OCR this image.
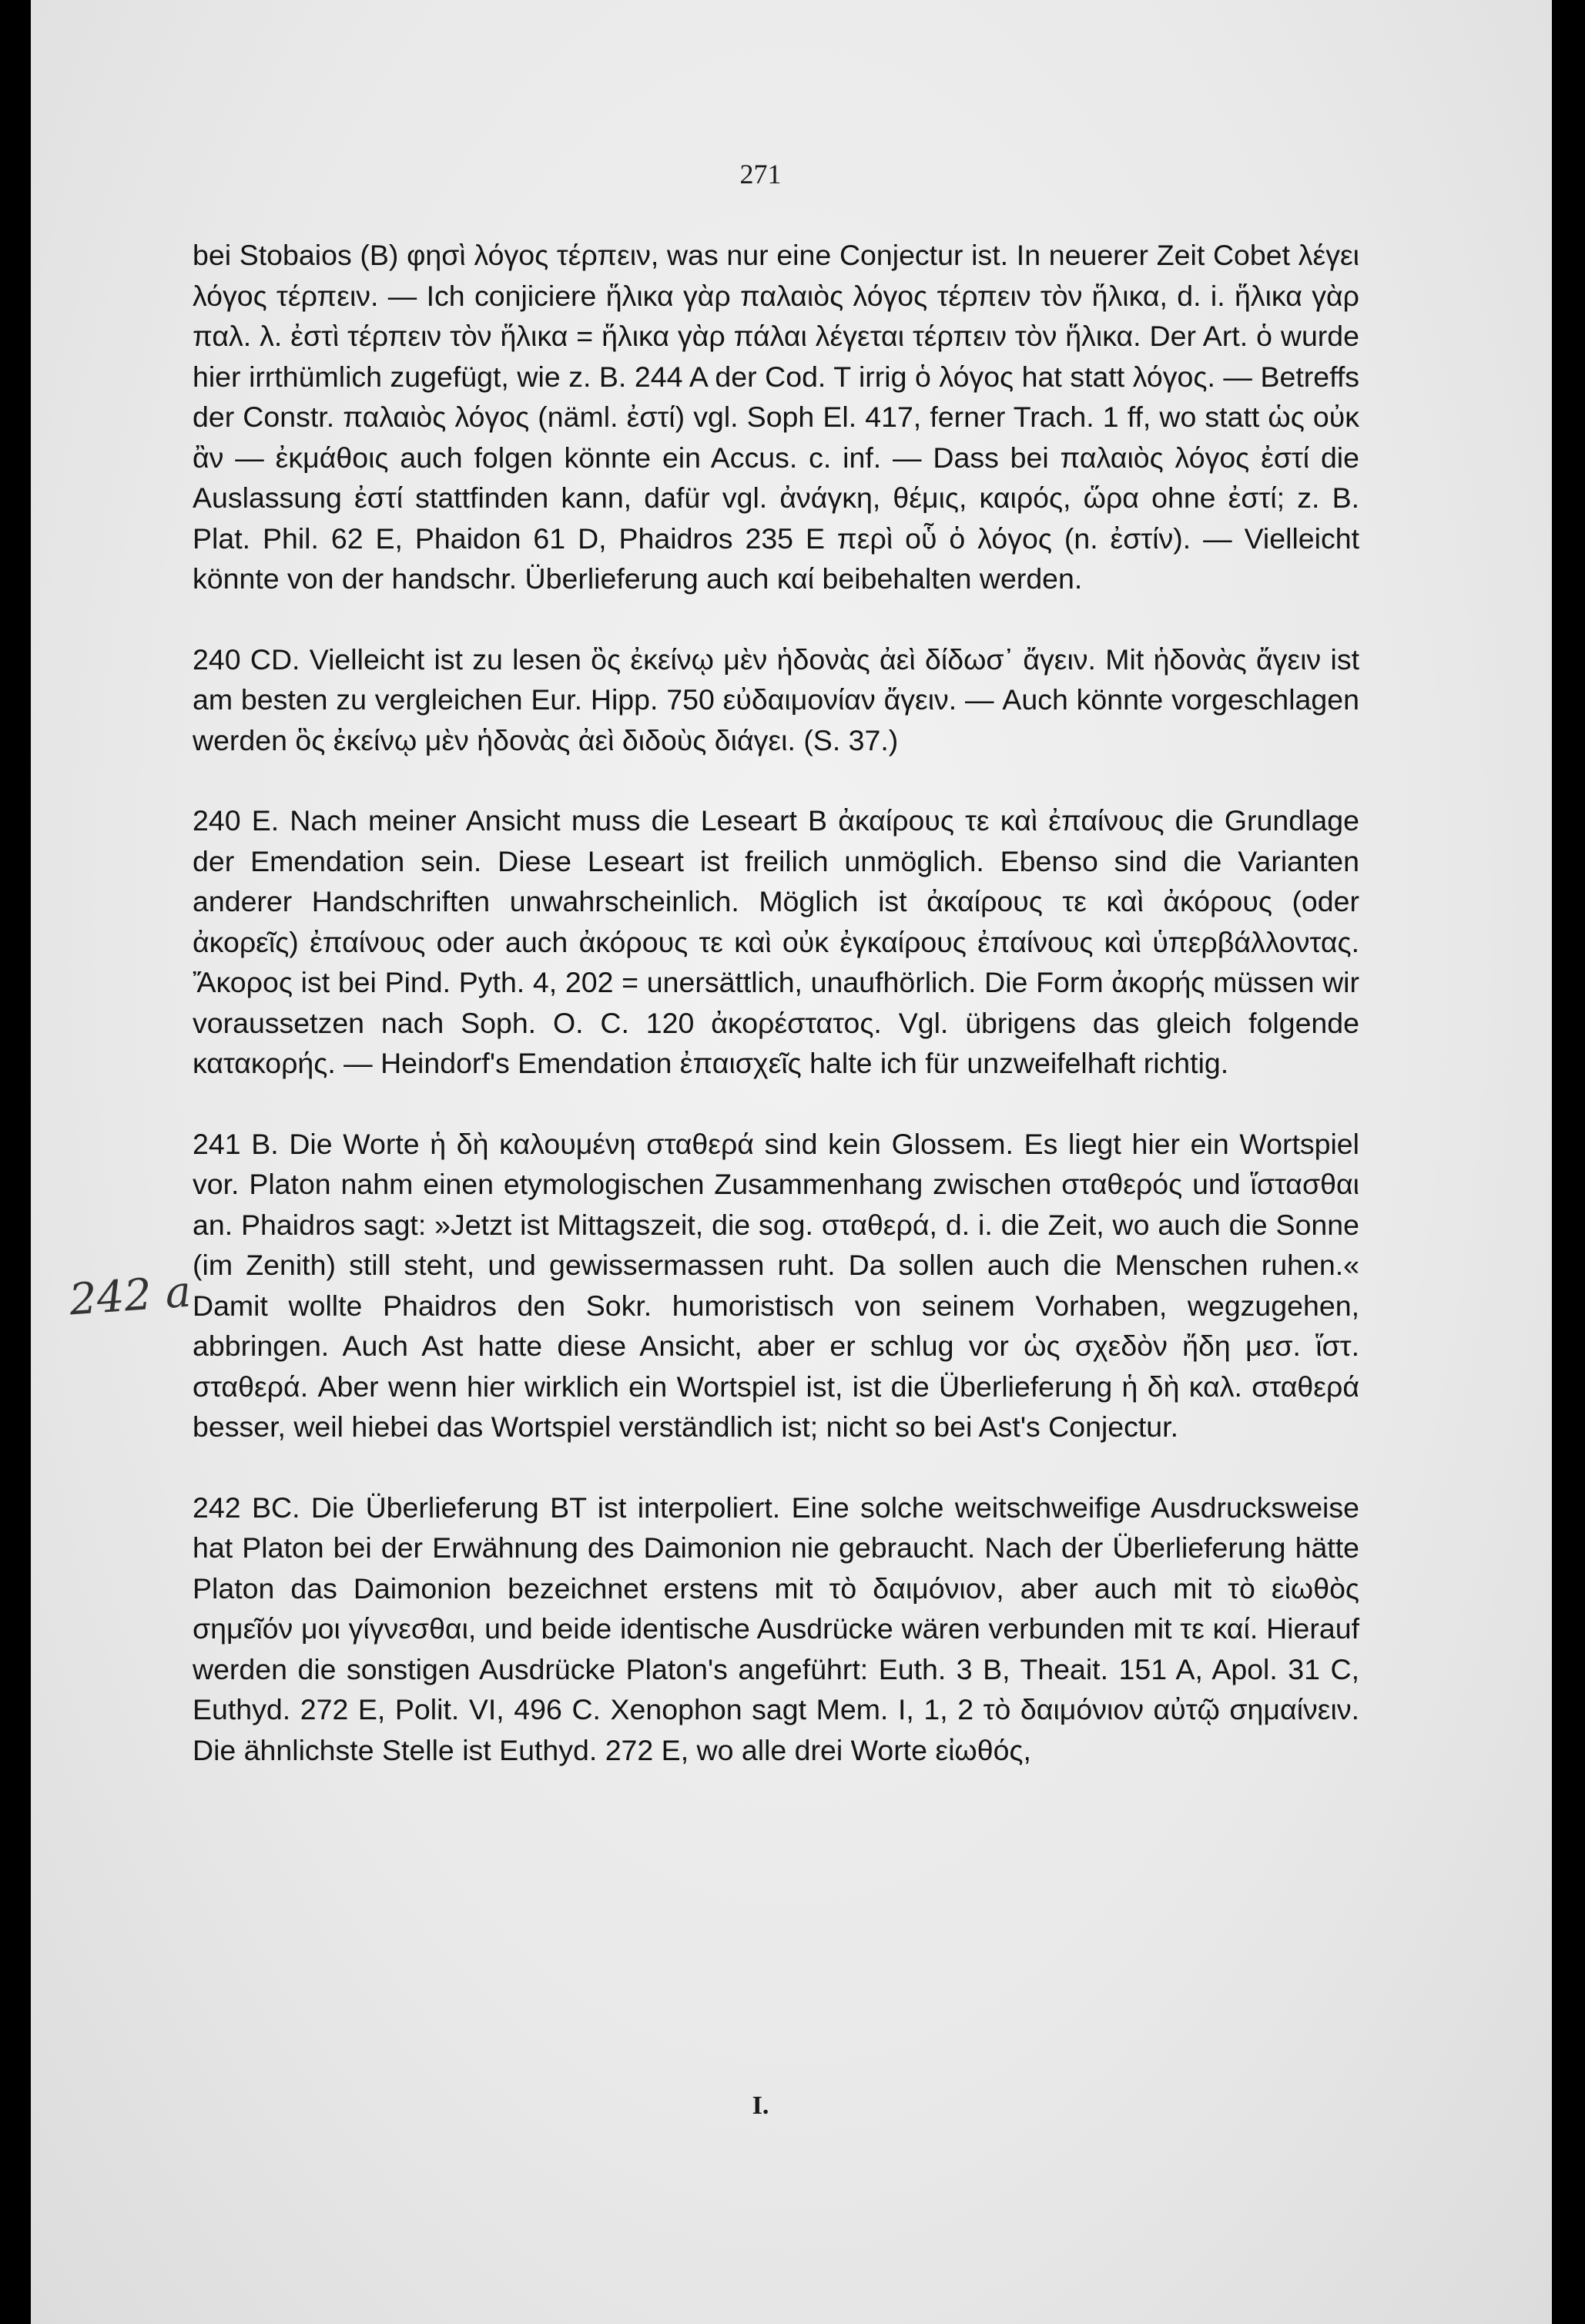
271
242 a

bei Stobaios (B) φησὶ λόγος τέρπειν, was nur eine Conjectur ist. In neuerer Zeit Cobet λέγει λόγος τέρπειν. — Ich conjiciere ἥλικα γὰρ παλαιὸς λόγος τέρπειν τὸν ἥλικα, d. i. ἥλικα γὰρ παλ. λ. ἐστὶ τέρπειν τὸν ἥλικα = ἥλικα γὰρ πάλαι λέγεται τέρπειν τὸν ἥλικα. Der Art. ὁ wurde hier irrthümlich zugefügt, wie z. B. 244 A der Cod. T irrig ὁ λόγος hat statt λόγος. — Betreffs der Constr. παλαιὸς λόγος (näml. ἐστί) vgl. Soph El. 417, ferner Trach. 1 ff, wo statt ὡς οὐκ ἂν — ἐκμάθοις auch folgen könnte ein Accus. c. inf. — Dass bei παλαιὸς λόγος ἐστί die Auslassung ἐστί stattfinden kann, dafür vgl. ἀνάγκη, θέμις, καιρός, ὥρα ohne ἐστί; z. B. Plat. Phil. 62 E, Phaidon 61 D, Phaidros 235 E περὶ οὗ ὁ λόγος (n. ἐστίν). — Vielleicht könnte von der handschr. Überlieferung auch καί beibehalten werden.

240 CD. Vielleicht ist zu lesen ὃς ἐκείνῳ μὲν ἡδονὰς ἀεὶ δίδωσ᾽ ἄγειν. Mit ἡδονὰς ἄγειν ist am besten zu vergleichen Eur. Hipp. 750 εὐδαιμονίαν ἄγειν. — Auch könnte vorgeschlagen werden ὃς ἐκείνῳ μὲν ἡδονὰς ἀεὶ διδοὺς διάγει. (S. 37.)

240 E. Nach meiner Ansicht muss die Leseart B ἀκαίρους τε καὶ ἐπαίνους die Grundlage der Emendation sein. Diese Leseart ist freilich unmöglich. Ebenso sind die Varianten anderer Handschriften unwahrscheinlich. Möglich ist ἀκαίρους τε καὶ ἀκόρους (oder ἀκορεῖς) ἐπαίνους oder auch ἀκόρους τε καὶ οὐκ ἐγκαίρους ἐπαίνους καὶ ὑπερβάλλοντας. Ἄκορος ist bei Pind. Pyth. 4, 202 = unersättlich, unaufhörlich. Die Form ἀκορής müssen wir voraussetzen nach Soph. O. C. 120 ἀκορέστατος. Vgl. übrigens das gleich folgende κατακορής. — Heindorf's Emendation ἐπαισχεῖς halte ich für unzweifelhaft richtig.

241 B. Die Worte ἡ δὴ καλουμένη σταθερά sind kein Glossem. Es liegt hier ein Wortspiel vor. Platon nahm einen etymologischen Zusammenhang zwischen σταθερός und ἵστασθαι an. Phaidros sagt: »Jetzt ist Mittagszeit, die sog. σταθερά, d. i. die Zeit, wo auch die Sonne (im Zenith) still steht, und gewissermassen ruht. Da sollen auch die Menschen ruhen.« Damit wollte Phaidros den Sokr. humoristisch von seinem Vorhaben, wegzugehen, abbringen. Auch Ast hatte diese Ansicht, aber er schlug vor ὡς σχεδὸν ἤδη μεσ. ἵστ. σταθερά. Aber wenn hier wirklich ein Wortspiel ist, ist die Überlieferung ἡ δὴ καλ. σταθερά besser, weil hiebei das Wortspiel verständlich ist; nicht so bei Ast's Conjectur.

242 BC. Die Überlieferung BT ist interpoliert. Eine solche weitschweifige Ausdrucksweise hat Platon bei der Erwähnung des Daimonion nie gebraucht. Nach der Überlieferung hätte Platon das Daimonion bezeichnet erstens mit τὸ δαιμόνιον, aber auch mit τὸ εἰωθὸς σημεῖόν μοι γίγνεσθαι, und beide identische Ausdrücke wären verbunden mit τε καί. Hierauf werden die sonstigen Ausdrücke Platon's angeführt: Euth. 3 B, Theait. 151 A, Apol. 31 C, Euthyd. 272 E, Polit. VI, 496 C. Xenophon sagt Mem. I, 1, 2 τὸ δαιμόνιον αὐτῷ σημαίνειν. Die ähnlichste Stelle ist Euthyd. 272 E, wo alle drei Worte εἰωθός,

I.
